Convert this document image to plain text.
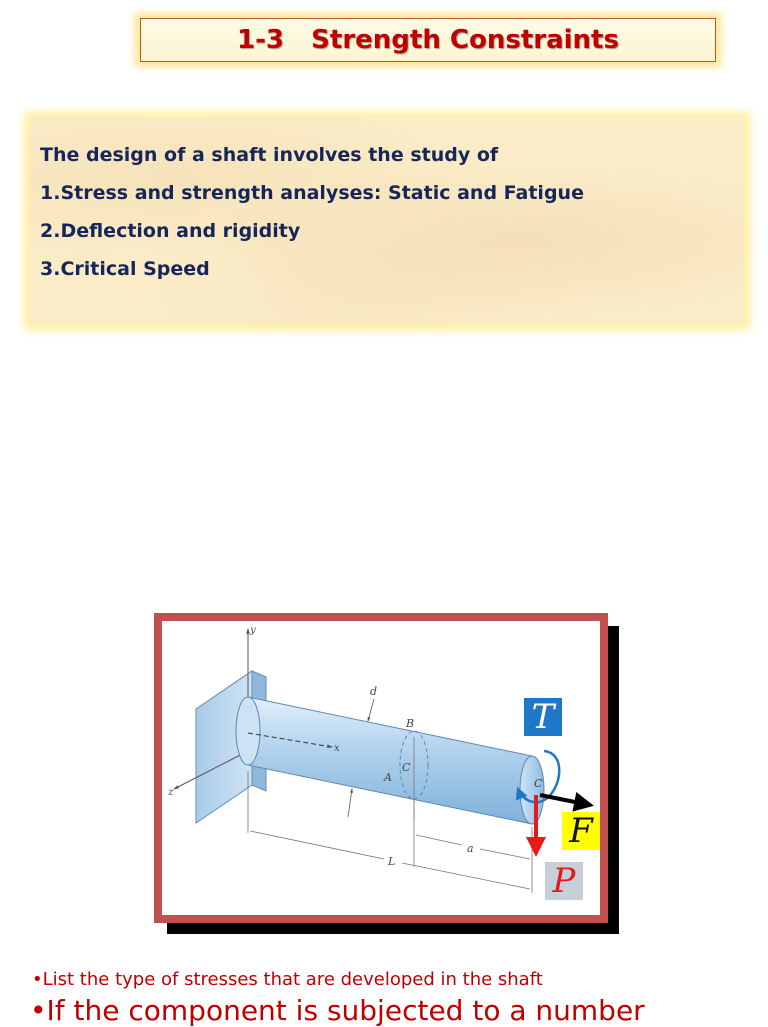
1-3   Strength Constraints
The design of a shaft involves the study of
1.Stress and strength analyses: Static and Fatigue
2.Deflection and rigidity
3.Critical Speed
y
z
x
B
C
A	C
d
L
a
T
F
P
•List the type of stresses that are developed in the shaft
•If the component is subjected to a number
